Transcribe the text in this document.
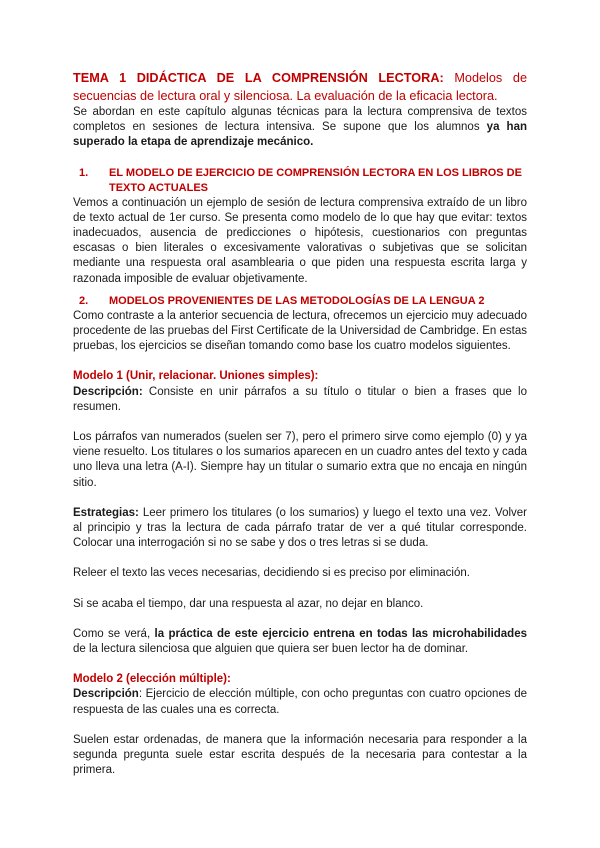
TEMA 1 DIDÁCTICA DE LA COMPRENSIÓN LECTORA: Modelos de secuencias de lectura oral y silenciosa. La evaluación de la eficacia lectora.

Se abordan en este capítulo algunas técnicas para la lectura comprensiva de textos completos en sesiones de lectura intensiva. Se supone que los alumnos ya han superado la etapa de aprendizaje mecánico.

1.	EL MODELO DE EJERCICIO DE COMPRENSIÓN LECTORA EN LOS LIBROS DE TEXTO ACTUALES

Vemos a continuación un ejemplo de sesión de lectura comprensiva extraído de un libro de texto actual de 1er curso. Se presenta como modelo de lo que hay que evitar: textos inadecuados, ausencia de predicciones o hipótesis, cuestionarios con preguntas escasas o bien literales o excesivamente valorativas o subjetivas que se solicitan mediante una respuesta oral asamblearia o que piden una respuesta escrita larga y razonada imposible de evaluar objetivamente.

2.	MODELOS PROVENIENTES DE LAS METODOLOGÍAS DE LA LENGUA 2

Como contraste a la anterior secuencia de lectura, ofrecemos un ejercicio muy adecuado procedente de las pruebas del First Certificate de la Universidad de Cambridge. En estas pruebas, los ejercicios se diseñan tomando como base los cuatro modelos siguientes.

Modelo 1 (Unir, relacionar. Uniones simples):

Descripción: Consiste en unir párrafos a su título o titular o bien a frases que lo resumen.

Los párrafos van numerados (suelen ser 7), pero el primero sirve como ejemplo (0) y ya viene resuelto. Los titulares o los sumarios aparecen en un cuadro antes del texto y cada uno lleva una letra (A-I). Siempre hay un titular o sumario extra que no encaja en ningún sitio.

Estrategias: Leer primero los titulares (o los sumarios) y luego el texto una vez. Volver al principio y tras la lectura de cada párrafo tratar de ver a qué titular corresponde. Colocar una interrogación si no se sabe y dos o tres letras si se duda.

Releer el texto las veces necesarias, decidiendo si es preciso por eliminación.

Si se acaba el tiempo, dar una respuesta al azar, no dejar en blanco.

Como se verá, la práctica de este ejercicio entrena en todas las microhabilidades de la lectura silenciosa que alguien que quiera ser buen lector ha de dominar.

Modelo 2 (elección múltiple):

Descripción: Ejercicio de elección múltiple, con ocho preguntas con cuatro opciones de respuesta de las cuales una es correcta.

Suelen estar ordenadas, de manera que la información necesaria para responder a la segunda pregunta suele estar escrita después de la necesaria para contestar a la primera.
